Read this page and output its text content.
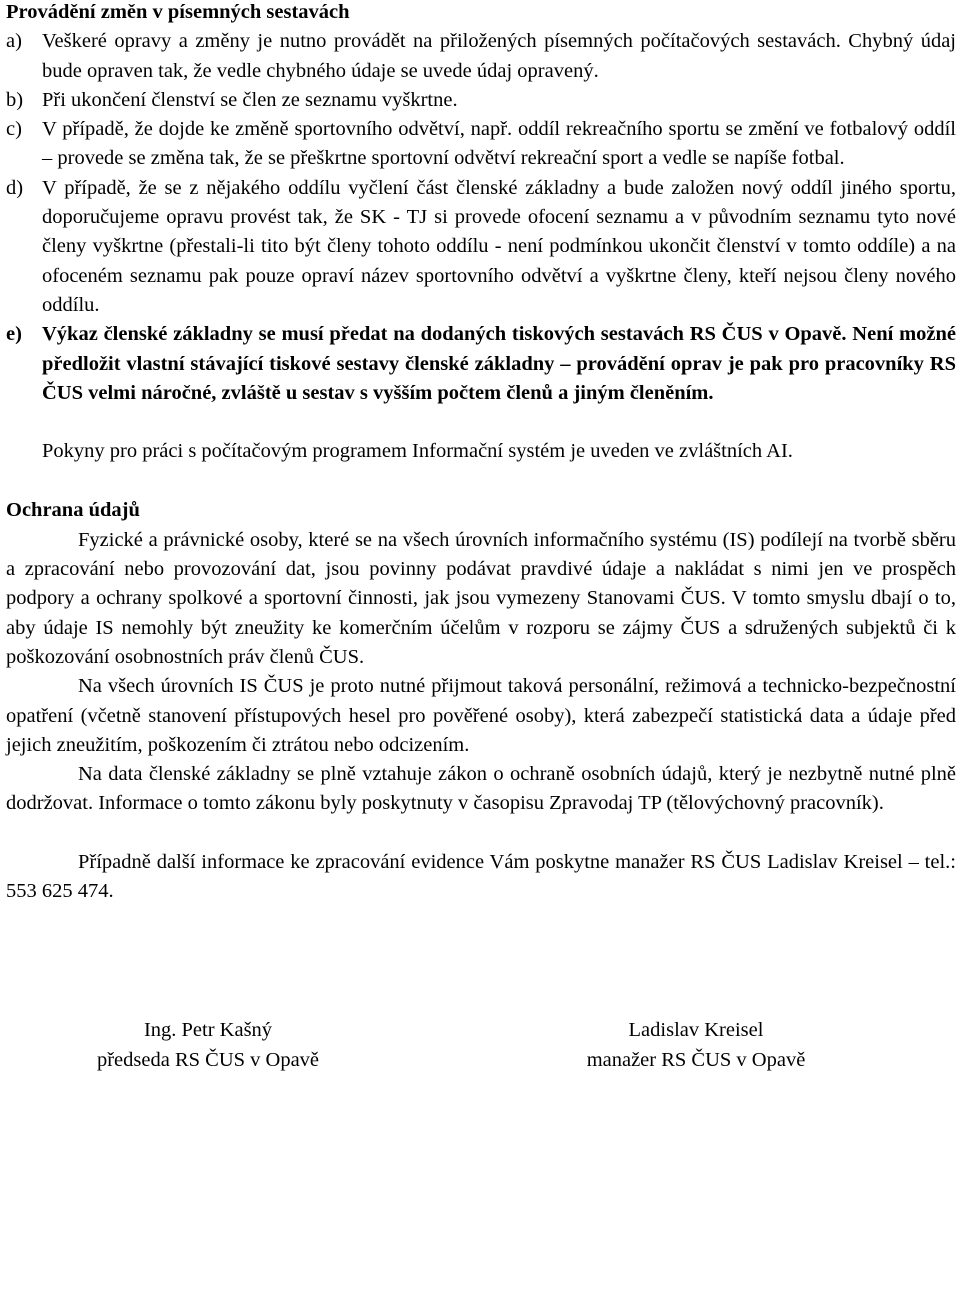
Provádění změn v písemných sestavách

a) Veškeré opravy a změny je nutno provádět na přiložených písemných počítačových sestavách. Chybný údaj bude opraven tak, že vedle chybného údaje se uvede údaj opravený.
b) Při ukončení členství se člen ze seznamu vyškrtne.
c) V případě, že dojde ke změně sportovního odvětví, např. oddíl rekreačního sportu se změní ve fotbalový oddíl – provede se změna tak, že se přeškrtne sportovní odvětví rekreační sport a vedle se napíše fotbal.
d) V případě, že se z nějakého oddílu vyčlení část členské základny a bude založen nový oddíl jiného sportu, doporučujeme opravu provést tak, že SK - TJ si provede ofocení seznamu a v původním seznamu tyto nové členy vyškrtne (přestali-li tito být členy tohoto oddílu - není podmínkou ukončit členství v tomto oddíle) a na ofoceném seznamu pak pouze opraví název sportovního odvětví a vyškrtne členy, kteří nejsou členy nového oddílu.
e) Výkaz členské základny se musí předat na dodaných tiskových sestavách RS ČUS v Opavě. Není možné předložit vlastní stávající tiskové sestavy členské základny – provádění oprav je pak pro pracovníky RS ČUS velmi náročné, zvláště u sestav s vyšším počtem členů a jiným členěním.

Pokyny pro práci s počítačovým programem Informační systém je uveden ve zvláštních AI.

Ochrana údajů

Fyzické a právnické osoby, které se na všech úrovních informačního systému (IS) podílejí na tvorbě sběru a zpracování nebo provozování dat, jsou povinny podávat pravdivé údaje a nakládat s nimi jen ve prospěch podpory a ochrany spolkové a sportovní činnosti, jak jsou vymezeny Stanovami ČUS. V tomto smyslu dbají o to, aby údaje IS nemohly být zneužity ke komerčním účelům v rozporu se zájmy ČUS a sdružených subjektů či k poškozování osobnostních práv členů ČUS.

Na všech úrovních IS ČUS je proto nutné přijmout taková personální, režimová a technicko-bezpečnostní opatření (včetně stanovení přístupových hesel pro pověřené osoby), která zabezpečí statistická data a údaje před jejich zneužitím, poškozením či ztrátou nebo odcizením.

Na data členské základny se plně vztahuje zákon o ochraně osobních údajů, který je nezbytně nutné plně dodržovat. Informace o tomto zákonu byly poskytnuty v časopisu Zpravodaj TP (tělovýchovný pracovník).

Případně další informace ke zpracování evidence Vám poskytne manažer RS ČUS Ladislav Kreisel – tel.: 553 625 474.

Ing. Petr Kašný
předseda RS ČUS v Opavě
Ladislav Kreisel
manažer RS ČUS v Opavě
